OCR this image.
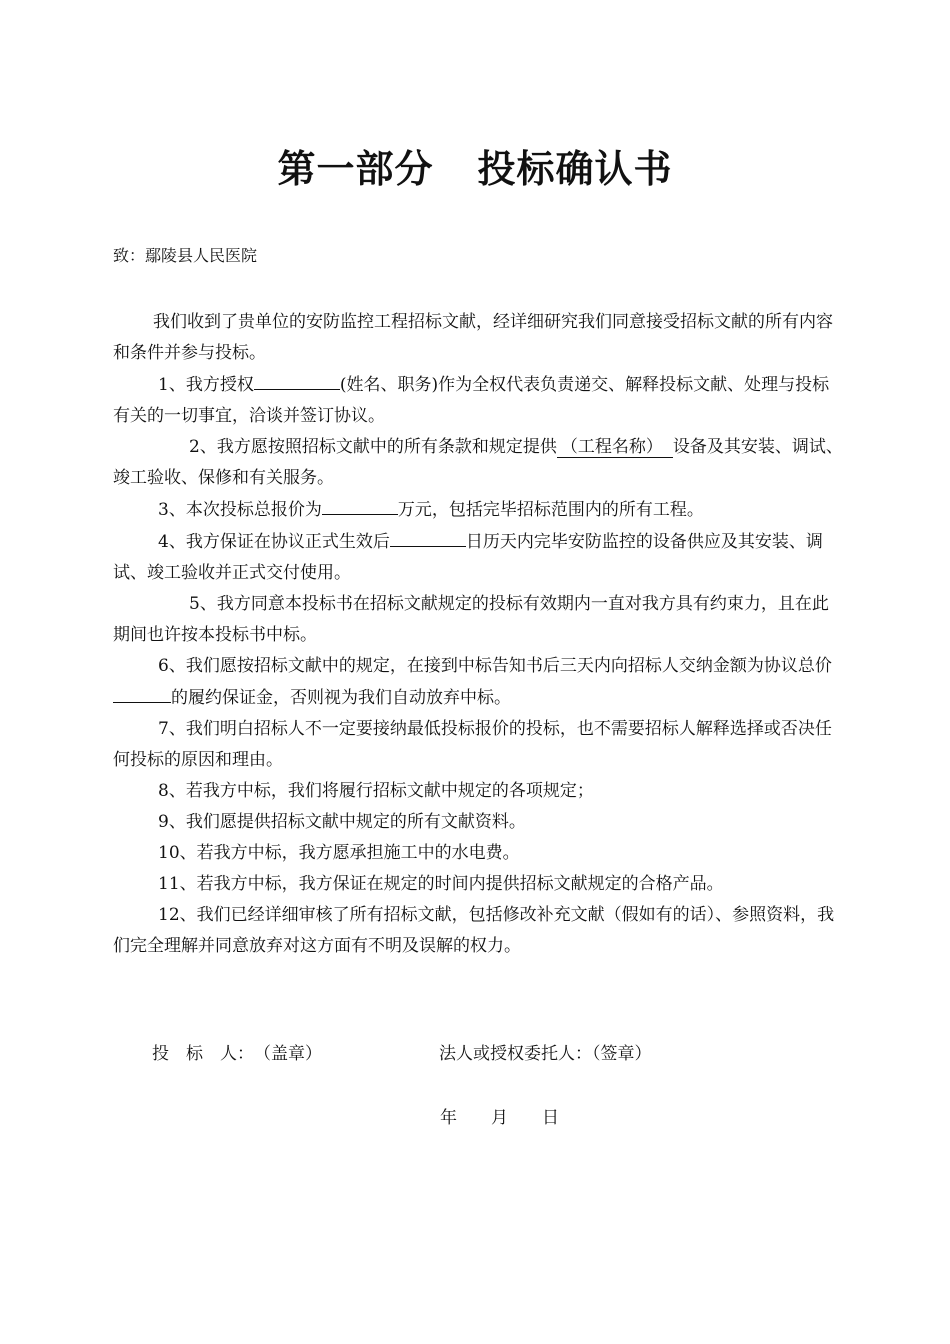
第一部分 投标确认书
致：鄢陵县人民医院

我们收到了贵单位的安防监控工程招标文献，经详细研究我们同意接受招标文献的所有内容和条件并参与投标。

1、我方授权	(姓名、职务)作为全权代表负责递交、解释投标文献、处理与投标有关的一切事宜，洽谈并签订协议。

2、我方愿按照招标文献中的所有条款和规定提供 （工程名称） 设备及其安装、调试、竣工验收、保修和有关服务。

3、本次投标总报价为	万元，包括完毕招标范围内的所有工程。

4、我方保证在协议正式生效后	日历天内完毕安防监控的设备供应及其安装、调试、竣工验收并正式交付使用。

5、我方同意本投标书在招标文献规定的投标有效期内一直对我方具有约束力，且在此期间也许按本投标书中标。

6、我们愿按招标文献中的规定，在接到中标告知书后三天内向招标人交纳金额为协议总价的履约保证金，否则视为我们自动放弃中标。

7、我们明白招标人不一定要接纳最低投标报价的投标，也不需要招标人解释选择或否决任何投标的原因和理由。

8、若我方中标，我们将履行招标文献中规定的各项规定；

9、我们愿提供招标文献中规定的所有文献资料。

10、若我方中标，我方愿承担施工中的水电费。

11、若我方中标，我方保证在规定的时间内提供招标文献规定的合格产品。

12、我们已经详细审核了所有招标文献，包括修改补充文献（假如有的话）、参照资料，我们完全理解并同意放弃对这方面有不明及误解的权力。

投　标　人：　（盖章）	法人或授权委托人：（签章）
年　　月　　日
